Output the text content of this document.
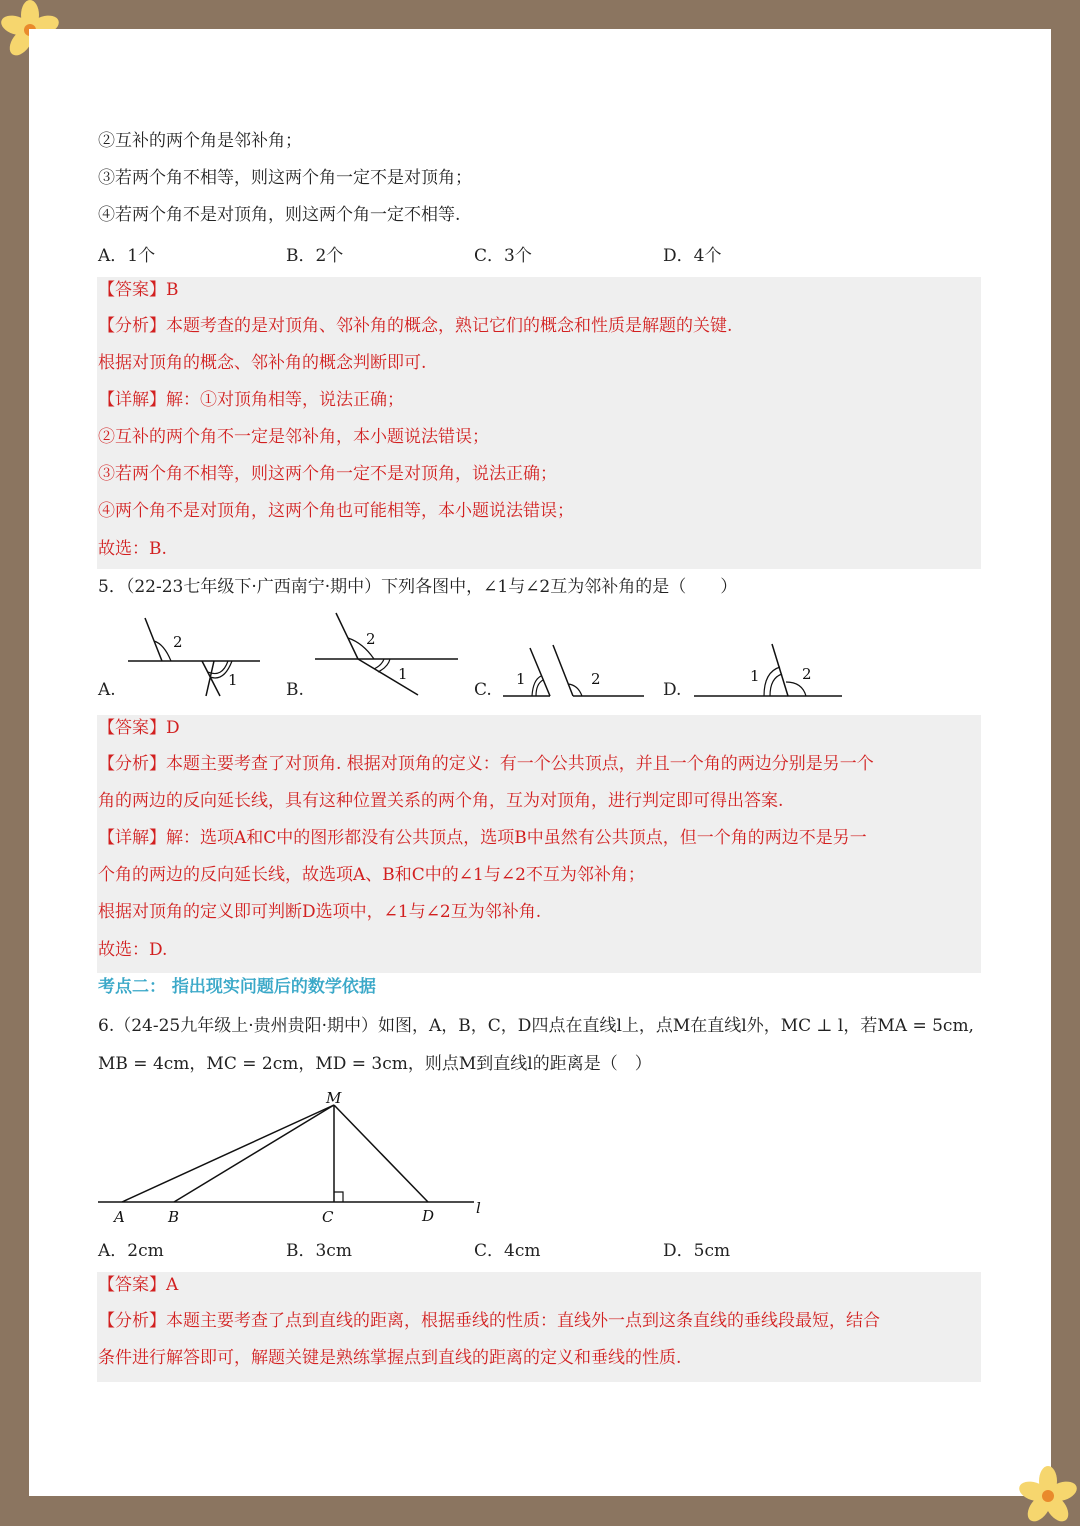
②互补的两个角是邻补角；
③若两个角不相等，则这两个角一定不是对顶角；
④若两个角不是对顶角，则这两个角一定不相等.
A．1个	B．2个	C．3个	D．4个
【答案】B
【分析】本题考查的是对顶角、邻补角的概念，熟记它们的概念和性质是解题的关键.
根据对顶角的概念、邻补角的概念判断即可.
【详解】解：①对顶角相等，说法正确；
②互补的两个角不一定是邻补角，本小题说法错误；
③若两个角不相等，则这两个角一定不是对顶角，说法正确；
④两个角不是对顶角，这两个角也可能相等，本小题说法错误；
故选：B.
5．（22-23七年级下·广西南宁·期中）下列各图中，∠1与∠2互为邻补角的是（　　）
A.
2
1	B.
2
1
C.
1	2
D.
1	2
【答案】D
【分析】本题主要考查了对顶角. 根据对顶角的定义：有一个公共顶点，并且一个角的两边分别是另一个
角的两边的反向延长线，具有这种位置关系的两个角，互为对顶角，进行判定即可得出答案.
【详解】解：选项A和C中的图形都没有公共顶点，选项B中虽然有公共顶点，但一个角的两边不是另一
个角的两边的反向延长线，故选项A、B和C中的∠1与∠2不互为邻补角；
根据对顶角的定义即可判断D选项中，∠1与∠2互为邻补角.
故选：D.
考点二： 指出现实问题后的数学依据
6.（24-25九年级上·贵州贵阳·期中）如图，A，B，C，D四点在直线l上，点M在直线l外，MC ⊥ l，若MA = 5cm,
MB = 4cm，MC = 2cm，MD = 3cm，则点M到直线l的距离是（　）
M
A	B	C	D	l
A．2cm	B．3cm	C．4cm	D．5cm
【答案】A
【分析】本题主要考查了点到直线的距离，根据垂线的性质：直线外一点到这条直线的垂线段最短，结合
条件进行解答即可，解题关键是熟练掌握点到直线的距离的定义和垂线的性质.
